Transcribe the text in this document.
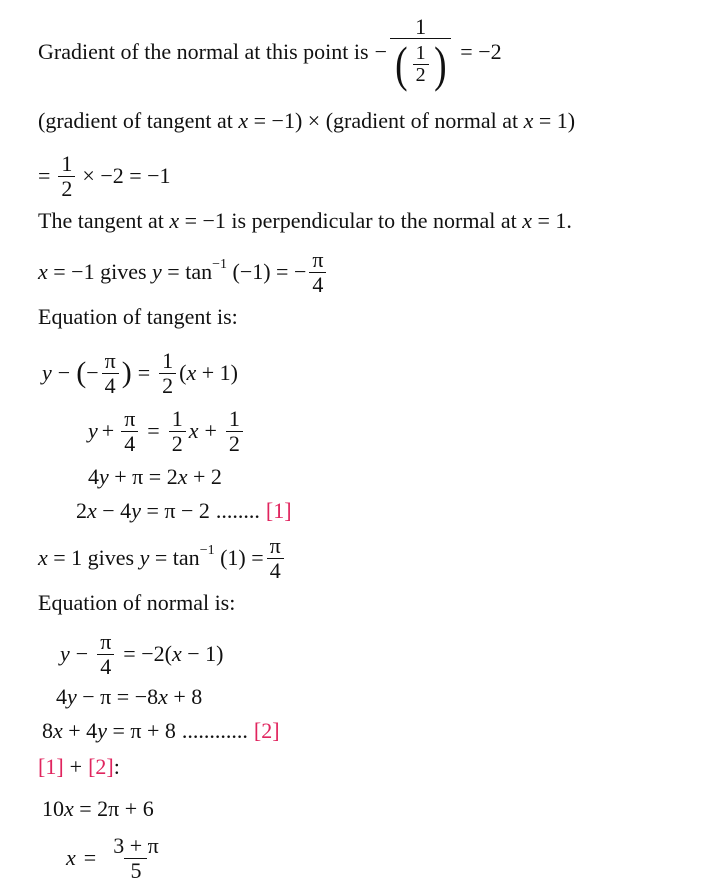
Gradient of the normal at this point is − 1
( 1
2 ) = −2
(gradient of tangent at x = −1) × (gradient of normal at x = 1)
= $\frac{1}{2} \times -2 = -1$
The tangent at x = −1 is perpendicular to the normal at x = 1.
x = −1 gives $y = \tan^{-1} (-1)$ = − $\frac{\pi}{4}$
Equation of tangent is:
y − ( − $\frac{\pi}{4}$ ) = $\frac{1}{2} (x + 1)$
$y + \frac{\pi}{4} = \frac{1}{2}$ $x + \frac{1}{2}$
4y + π = 2x + 2
2x − 4y = π − 2 ........ [1]
x = 1 gives $y = \tan^{-1} (1) = \frac{\pi}{4}$
Equation of normal is:
$y - \frac{\pi}{4} = -2(x - 1)$
4y − π = −8x + 8
8x + 4y = π + 8 ............ [2]
[1] + [2] :
10x = 2π + 6
$x = \frac{3 + \pi}{5}$
